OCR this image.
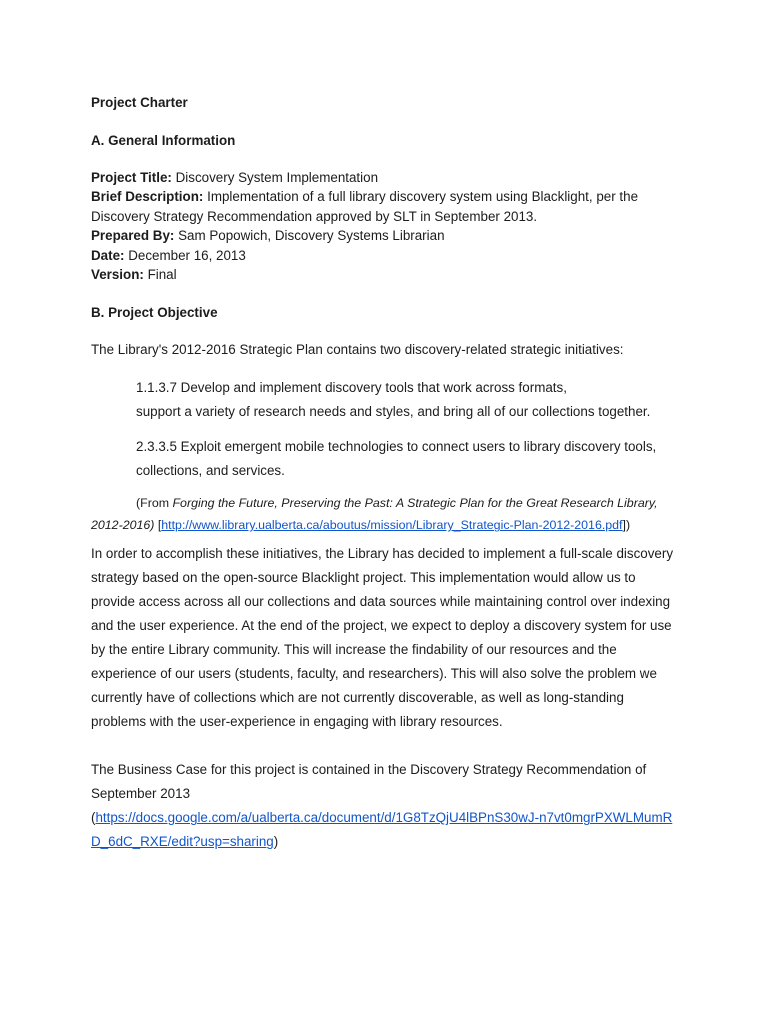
Project Charter

A. General Information

Project Title: Discovery System Implementation

Brief Description: Implementation of a full library discovery system using Blacklight, per the Discovery Strategy Recommendation approved by SLT in September 2013.

Prepared By: Sam Popowich, Discovery Systems Librarian

Date: December 16, 2013

Version: Final

B. Project Objective

The Library's 2012-2016 Strategic Plan contains two discovery-related strategic initiatives:

1.1.3.7 Develop and implement discovery tools that work across formats,
support a variety of research needs and styles, and bring all of our collections together.
2.3.3.5 Exploit emergent mobile technologies to connect users to library discovery tools,
collections, and services.

(From Forging the Future, Preserving the Past: A Strategic Plan for the Great Research Library, 2012-2016) [http://www.library.ualberta.ca/aboutus/mission/Library_Strategic-Plan-2012-2016.pdf])

In order to accomplish these initiatives, the Library has decided to implement a full-scale discovery strategy based on the open-source Blacklight project. This implementation would allow us to provide access across all our collections and data sources while maintaining control over indexing and the user experience. At the end of the project, we expect to deploy a discovery system for use by the entire Library community. This will increase the findability of our resources and the experience of our users (students, faculty, and researchers). This will also solve the problem we currently have of collections which are not currently discoverable, as well as long-standing problems with the user-experience in engaging with library resources.

The Business Case for this project is contained in the Discovery Strategy Recommendation of September 2013
(https://docs.google.com/a/ualberta.ca/document/d/1G8TzQjU4lBPnS30wJ-n7vt0mgrPXWLMumRD_6dC_RXE/edit?usp=sharing)
